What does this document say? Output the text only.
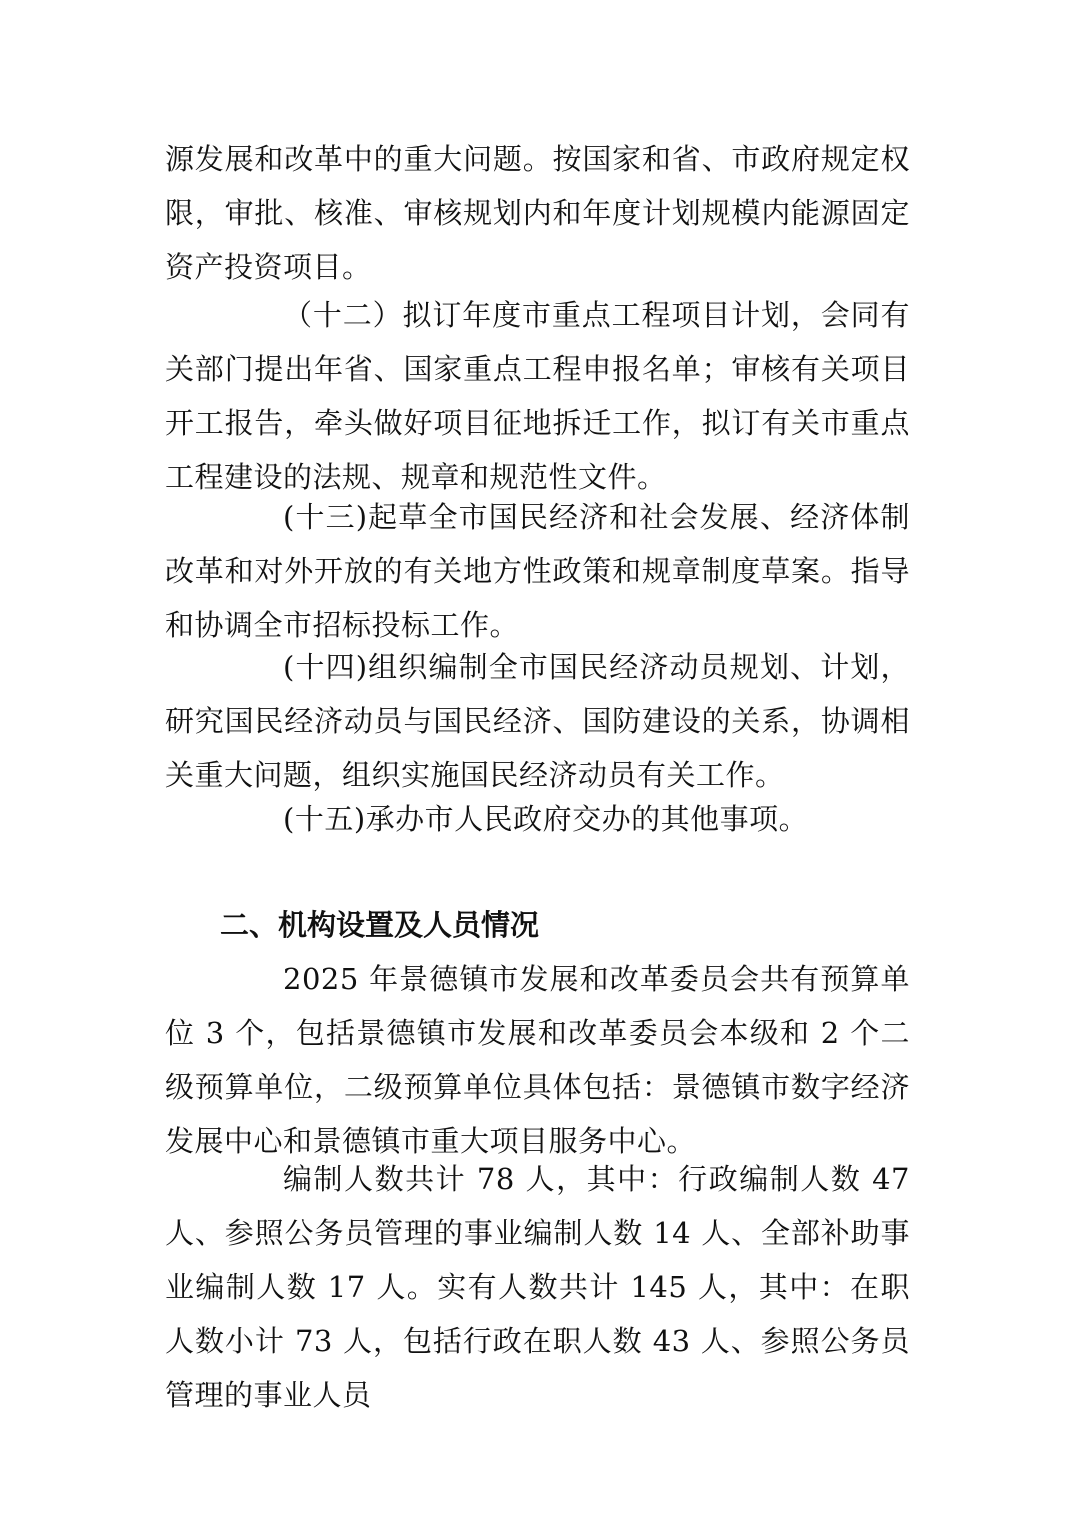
源发展和改革中的重大问题。按国家和省、市政府规定权限，审批、核准、审核规划内和年度计划规模内能源固定资产投资项目。

（十二）拟订年度市重点工程项目计划，会同有关部门提出年省、国家重点工程申报名单；审核有关项目开工报告，牵头做好项目征地拆迁工作，拟订有关市重点工程建设的法规、规章和规范性文件。

(十三)起草全市国民经济和社会发展、经济体制改革和对外开放的有关地方性政策和规章制度草案。指导和协调全市招标投标工作。

(十四)组织编制全市国民经济动员规划、计划，研究国民经济动员与国民经济、国防建设的关系，协调相关重大问题，组织实施国民经济动员有关工作。

(十五)承办市人民政府交办的其他事项。

二、机构设置及人员情况

2025 年景德镇市发展和改革委员会共有预算单位 3 个，包括景德镇市发展和改革委员会本级和 2 个二级预算单位，二级预算单位具体包括：景德镇市数字经济发展中心和景德镇市重大项目服务中心。

编制人数共计 78 人，其中：行政编制人数 47 人、参照公务员管理的事业编制人数 14 人、全部补助事业编制人数 17 人。实有人数共计 145 人，其中：在职人数小计 73 人，包括行政在职人数 43 人、参照公务员管理的事业人员
